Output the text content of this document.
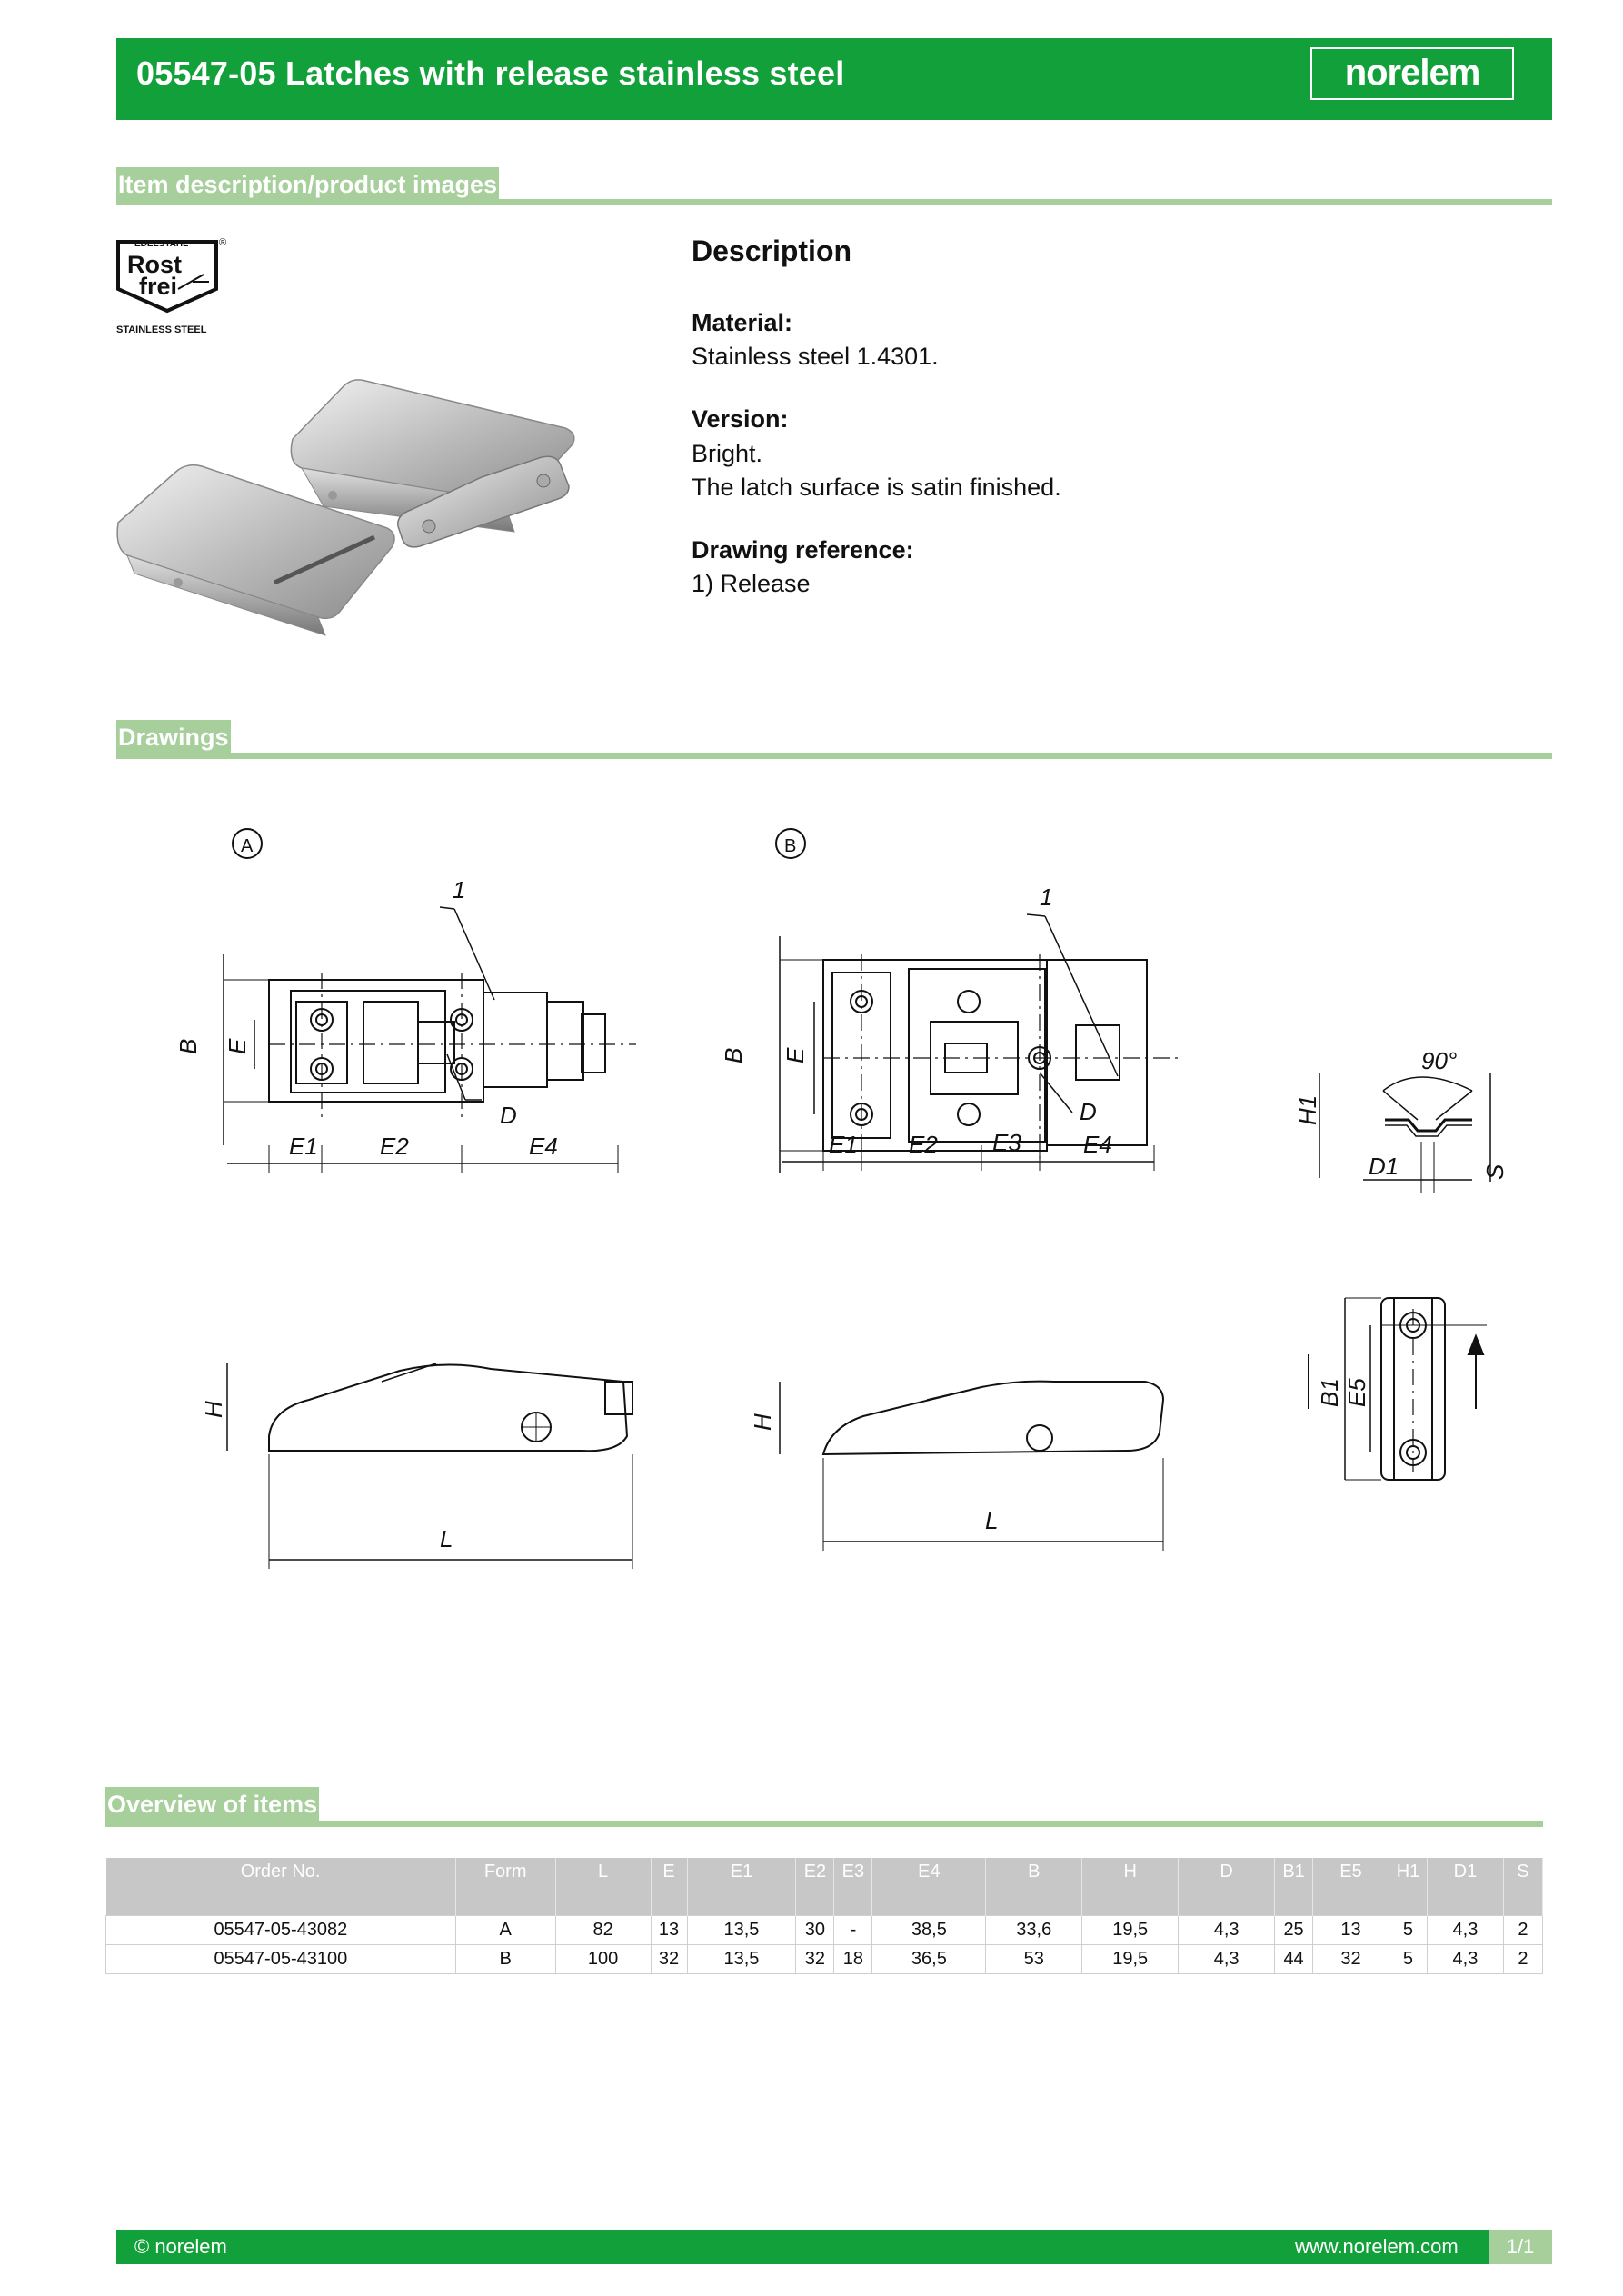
05547-05 Latches with release stainless steel	norelem
Item description/product images
EDELSTAHL	®
Rost
frei
STAINLESS STEEL
Description
Material:
Stainless steel 1.4301.
Version:
Bright.
The latch surface is satin finished.
Drawing reference:
1) Release
Drawings
A
B E
1
D
E1	E2	E4
H
L
B
B E
1
D
E1 E2 E3	E4
H
L
90°
H1
D1	S
B1 E5
Overview of items
Order No.	Form	L	E	E1	E2	E3	E4	B	H	D	B1	E5	H1	D1	S
05547-05-43082	A	82	13	13,5	30	-	38,5	33,6	19,5	4,3	25	13	5	4,3	2
05547-05-43100	B	100	32	13,5	32	18	36,5	53	19,5	4,3	44	32	5	4,3	2
© norelem	www.norelem.com	1/1
